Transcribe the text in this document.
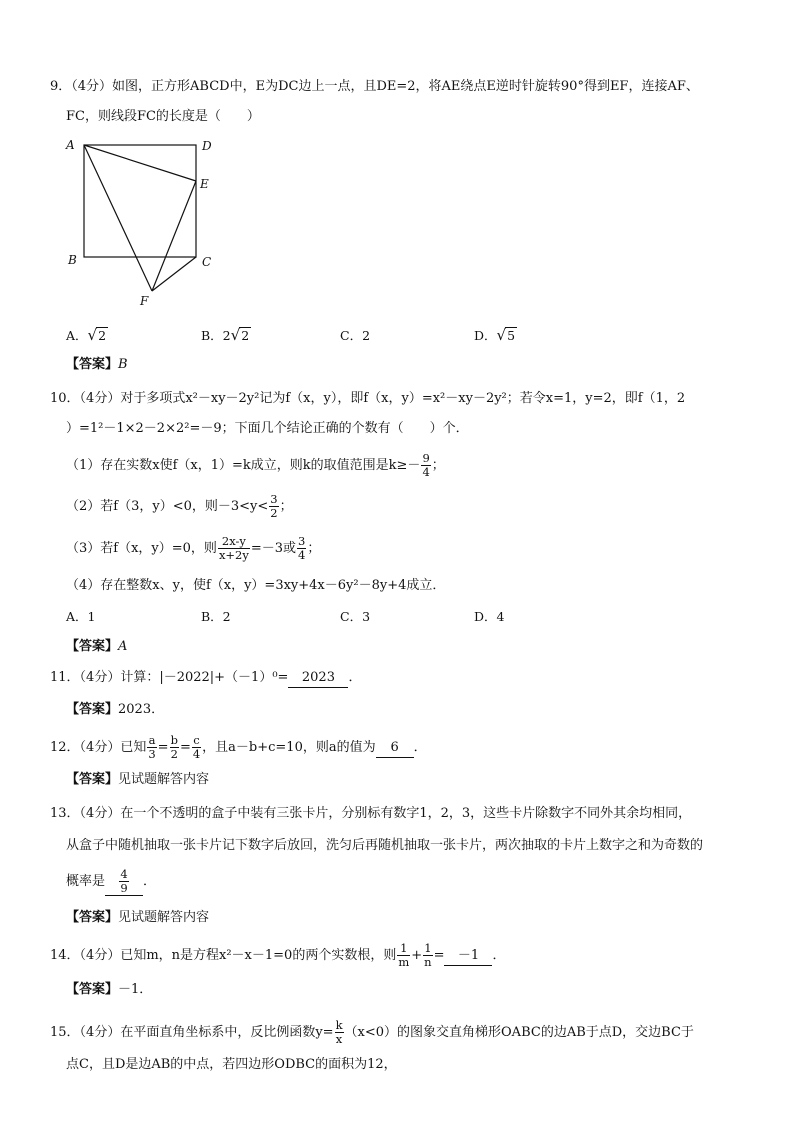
9．（4分）如图，正方形ABCD中，E为DC边上一点，且DE=2，将AE绕点E逆时针旋转90°得到EF，连接AF、
FC，则线段FC的长度是（　　）
A	D
E
B	C
F
A．√2	B．2√2	C．2	D．√5
【答案】B
10．（4分）对于多项式x²－xy－2y²记为f（x，y），即f（x，y）=x²－xy－2y²；若令x=1，y=2，即f（1，2
）=1²－1×2－2×2²=－9；下面几个结论正确的个数有（　　）个．
（1）存在实数x使f（x，1）=k成立，则k的取值范围是$k\ge- \frac{9}{4}$ ；
（2）若f（3，y）<0，则$-3<y< \frac{3}{2}$ ；
（3）若f（x，y）=0，则 $\frac{2x-y}{x+2y} =-3$或 $\frac{3}{4}$ ；
（4）存在整数x、y，使f（x，y）=3xy+4x－6y²－8y+4成立．
A．1	B．2	C．3	D．4
【答案】A
11．（4分）计算：|－2022|+（－1）⁰= 2023 ．
【答案】2023．
12．（4分）已知 $\frac{a}{3} = \frac{b}{2} = \frac{c}{4}$ ，且a－b+c=10，则a的值为 6 ．
【答案】见试题解答内容
13．（4分）在一个不透明的盒子中装有三张卡片，分别标有数字1，2，3，这些卡片除数字不同外其余均相同，
从盒子中随机抽取一张卡片记下数字后放回，洗匀后再随机抽取一张卡片，两次抽取的卡片上数字之和为奇数的
概率是 $\frac{4}{9}$ ．
【答案】见试题解答内容
14．（4分）已知m，n是方程x²－x－1=0的两个实数根，则 $\frac{1}{m} + \frac{1}{n} = -1$ ．
【答案】－1．
15．（4分）在平面直角坐标系中，反比例函数$y= \frac{k}{x} (x<0)$的图象交直角梯形OABC的边AB于点D，交边BC于
点C，且D是边AB的中点，若四边形ODBC的面积为12，
